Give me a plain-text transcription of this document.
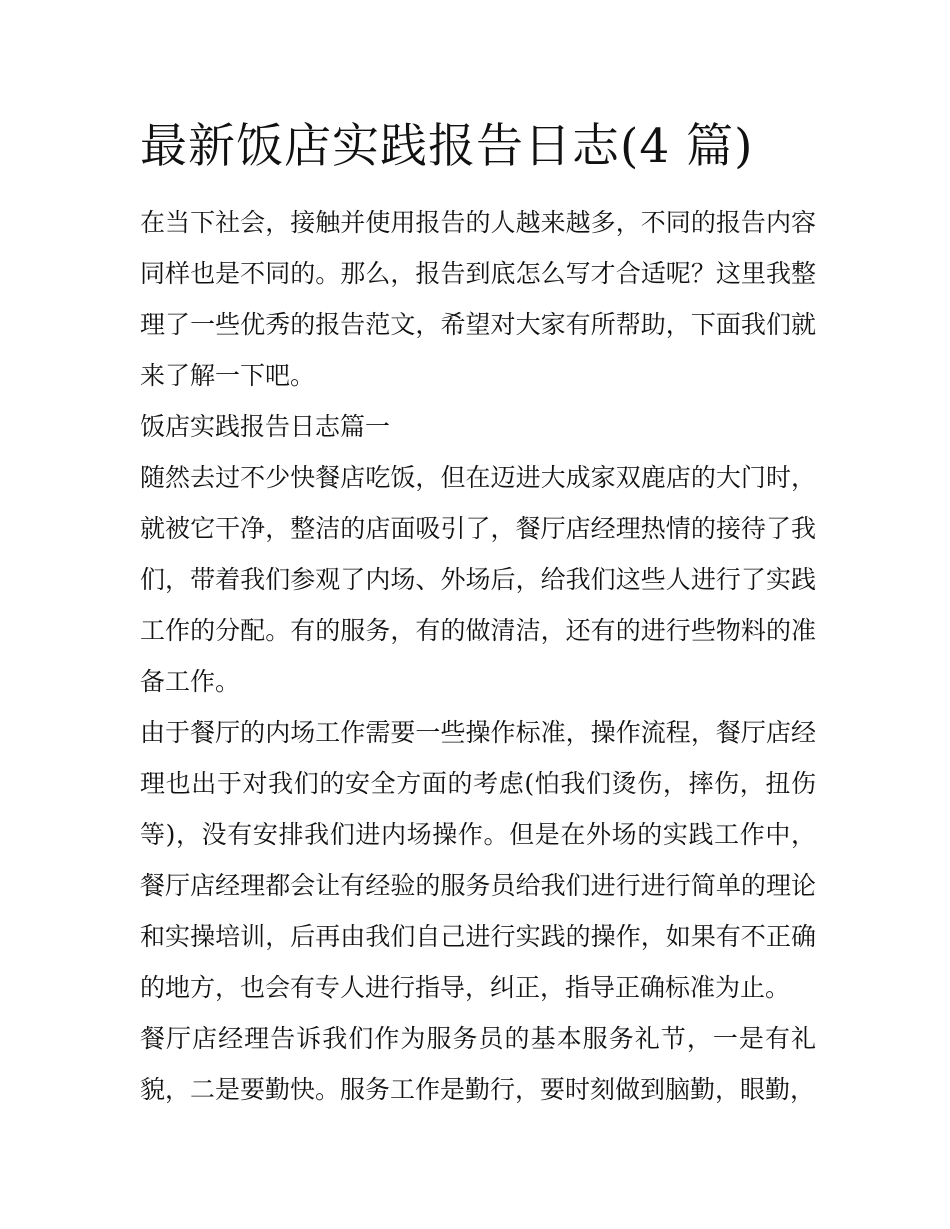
最新饭店实践报告日志(4 篇)

在当下社会，接触并使用报告的人越来越多，不同的报告内容同样也是不同的。那么，报告到底怎么写才合适呢？这里我整理了一些优秀的报告范文，希望对大家有所帮助，下面我们就来了解一下吧。

饭店实践报告日志篇一

随然去过不少快餐店吃饭，但在迈进大成家双鹿店的大门时，就被它干净，整洁的店面吸引了，餐厅店经理热情的接待了我们，带着我们参观了内场、外场后，给我们这些人进行了实践工作的分配。有的服务，有的做清洁，还有的进行些物料的准备工作。

由于餐厅的内场工作需要一些操作标准，操作流程，餐厅店经理也出于对我们的安全方面的考虑(怕我们烫伤，摔伤，扭伤等)，没有安排我们进内场操作。但是在外场的实践工作中，餐厅店经理都会让有经验的服务员给我们进行进行简单的理论和实操培训，后再由我们自己进行实践的操作，如果有不正确的地方，也会有专人进行指导，纠正，指导正确标准为止。

餐厅店经理告诉我们作为服务员的基本服务礼节，一是有礼貌，二是要勤快。服务工作是勤行，要时刻做到脑勤，眼勤，
